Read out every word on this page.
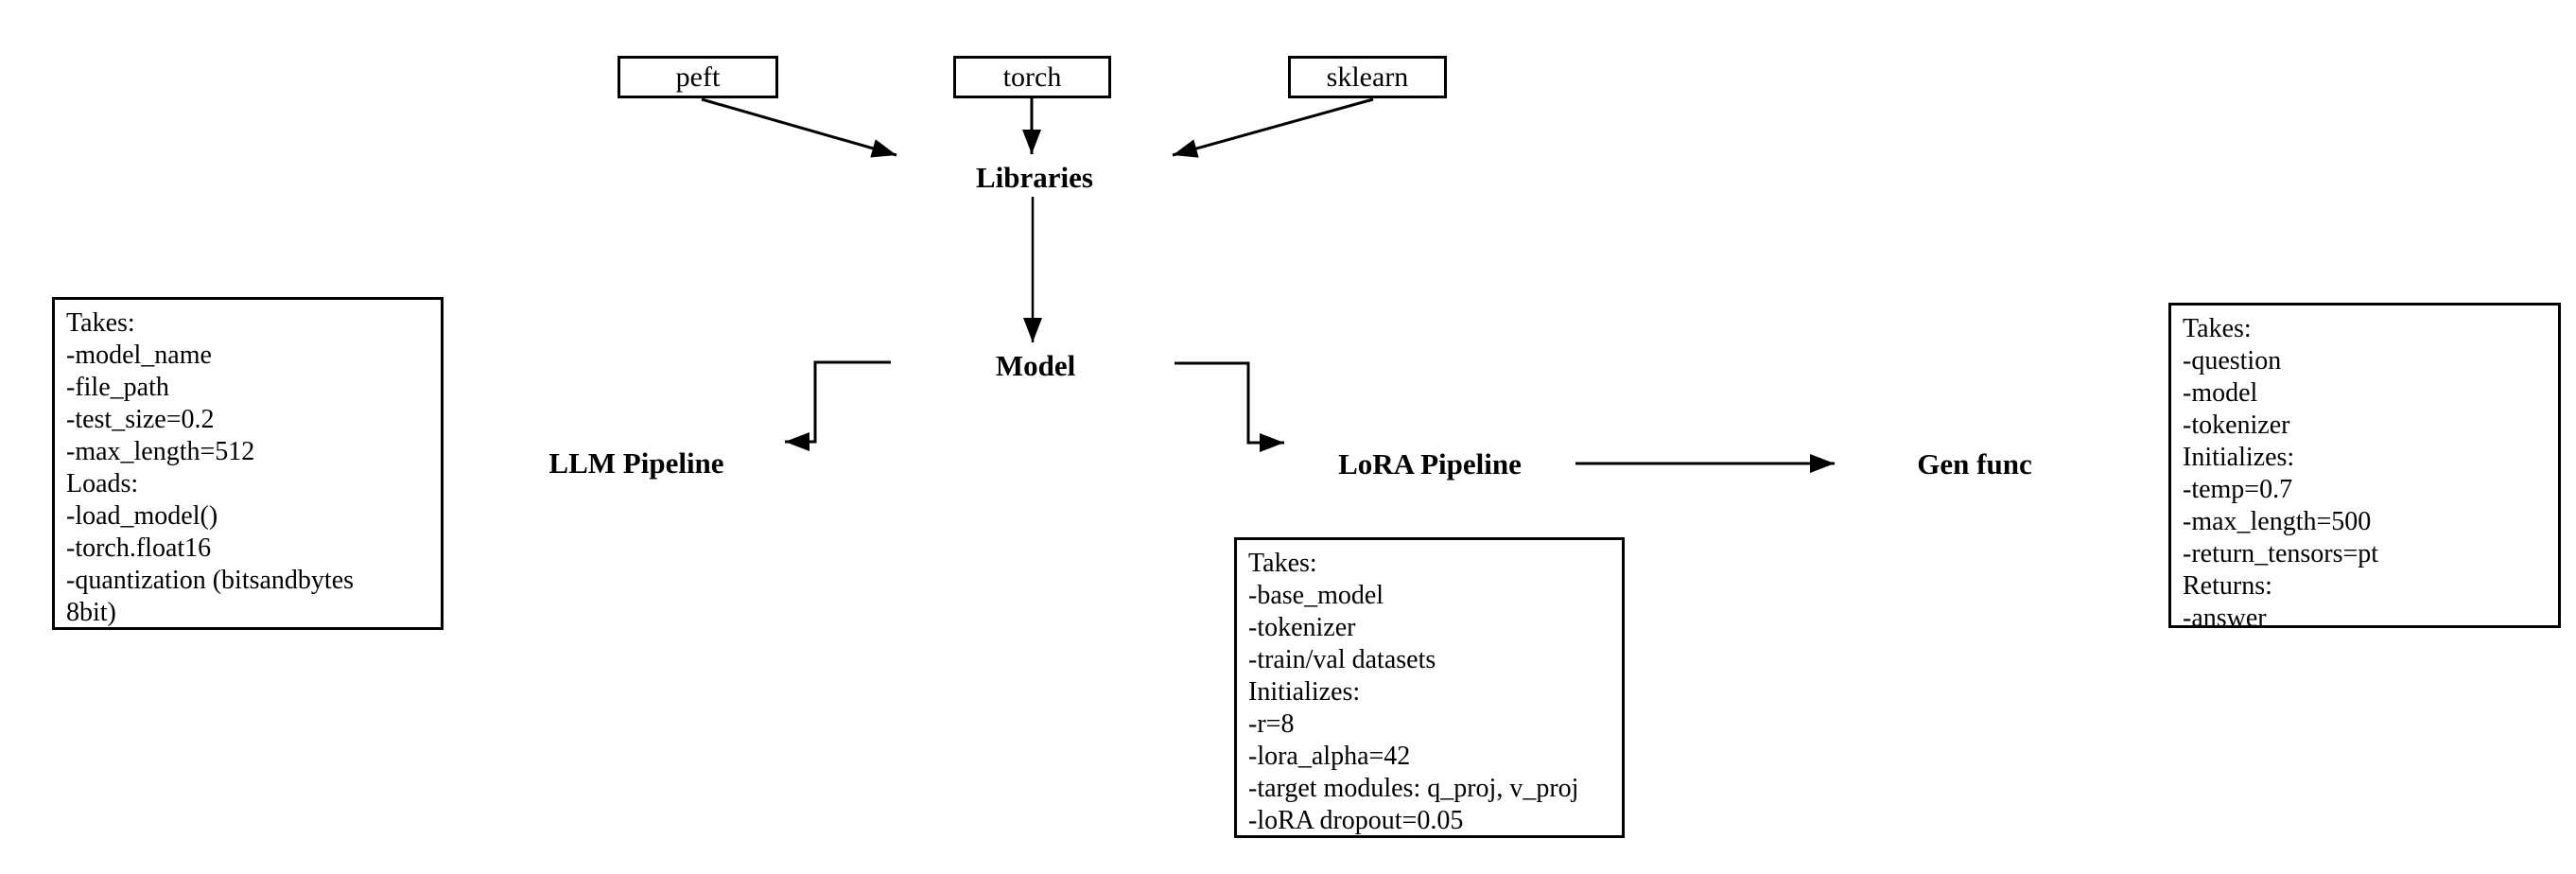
peft	torch	sklearn
Libraries
Model
LLM Pipeline	LoRA Pipeline	Gen func
Takes:
-model_name
-file_path
-test_size=0.2
-max_length=512
Loads:
-load_model()
-torch.float16
-quantization (bitsandbytes
8bit)
Takes:
-base_model
-tokenizer
-train/val datasets
Initializes:
-r=8
-lora_alpha=42
-target modules: q_proj, v_proj
-loRA dropout=0.05
Takes:
-question
-model
-tokenizer
Initializes:
-temp=0.7
-max_length=500
-return_tensors=pt
Returns:
-answer
